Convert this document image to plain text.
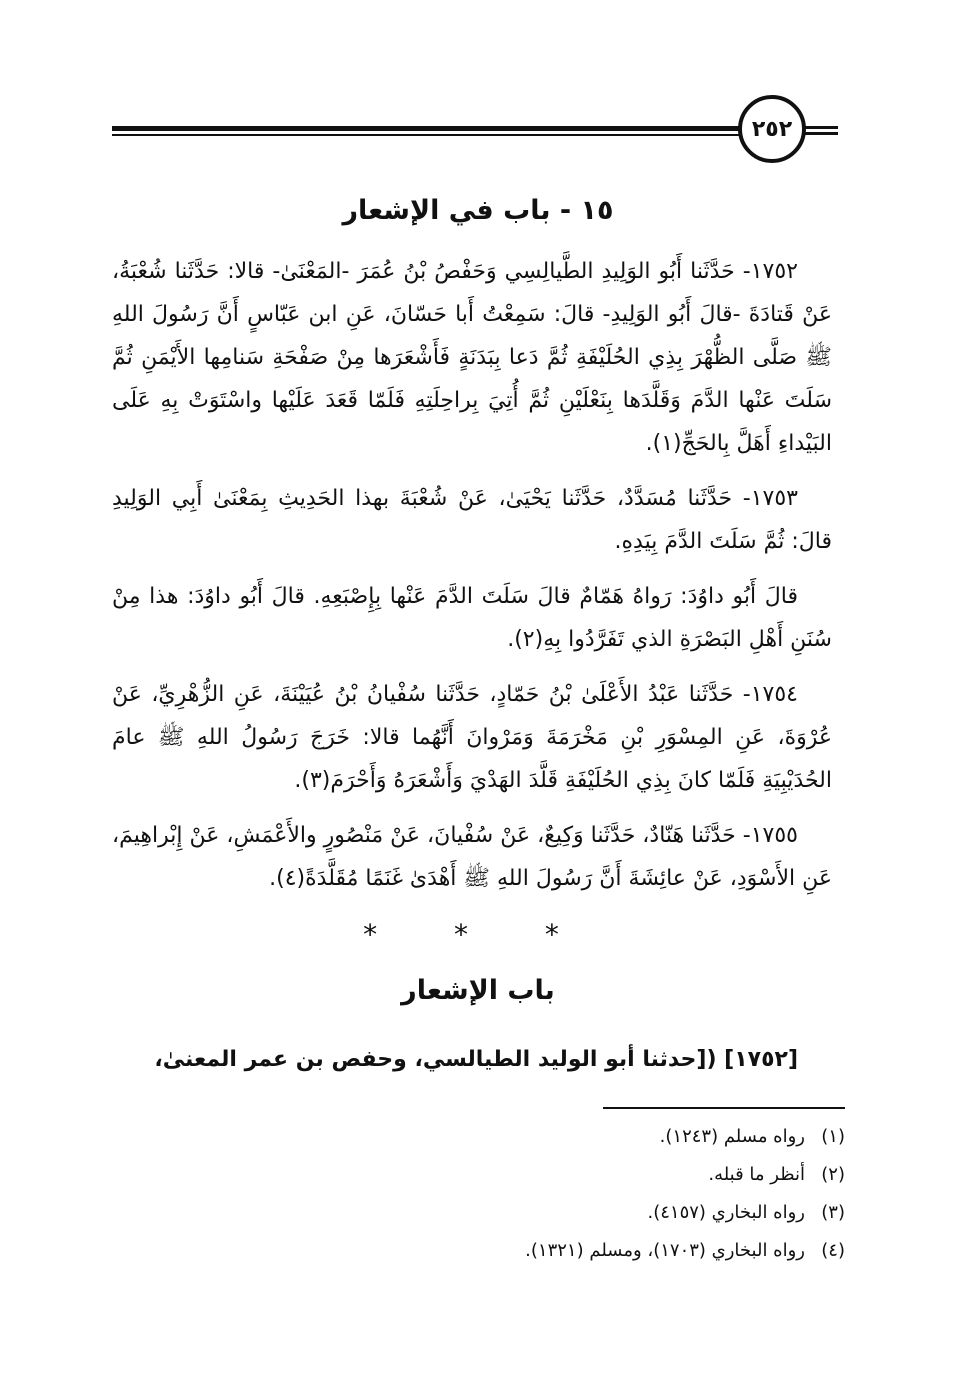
٢٥٢
١٥ - باب في الإشعار

١٧٥٢- حَدَّثَنا أَبُو الوَلِيدِ الطَّيالِسِي وَحَفْصُ بْنُ عُمَرَ -المَعْنَىٰ- قالا: حَدَّثَنا شُعْبَةُ، عَنْ قَتادَةَ -قالَ أَبُو الوَلِيدِ- قالَ: سَمِعْتُ أَبا حَسّانَ، عَنِ ابن عَبّاسٍ أَنَّ رَسُولَ اللهِ ﷺ صَلَّى الظُّهْرَ بِذِي الحُلَيْفَةِ ثُمَّ دَعا بِبَدَنَةٍ فَأَشْعَرَها مِنْ صَفْحَةِ سَنامِها الأَيْمَنِ ثُمَّ سَلَتَ عَنْها الدَّمَ وَقَلَّدَها بِنَعْلَيْنِ ثُمَّ أُتِيَ بِراحِلَتِهِ فَلَمّا قَعَدَ عَلَيْها واسْتَوَتْ بِهِ عَلَى البَيْداءِ أَهَلَّ بِالحَجِّ(١).

١٧٥٣- حَدَّثَنا مُسَدَّدٌ، حَدَّثَنا يَحْيَىٰ، عَنْ شُعْبَةَ بهذا الحَدِيثِ بِمَعْنَىٰ أَبِي الوَلِيدِ قالَ: ثُمَّ سَلَتَ الدَّمَ بِيَدِهِ.

قالَ أَبُو داوُدَ: رَواهُ هَمّامٌ قالَ سَلَتَ الدَّمَ عَنْها بِإِصْبَعِهِ. قالَ أَبُو داوُدَ: هذا مِنْ سُنَنِ أَهْلِ البَصْرَةِ الذي تَفَرَّدُوا بِهِ(٢).

١٧٥٤- حَدَّثَنا عَبْدُ الأَعْلَىٰ بْنُ حَمّادٍ، حَدَّثَنا سُفْيانُ بْنُ عُيَيْنَةَ، عَنِ الزُّهْرِيِّ، عَنْ عُرْوَةَ، عَنِ المِسْوَرِ بْنِ مَخْرَمَةَ وَمَرْوانَ أَنَّهُما قالا: خَرَجَ رَسُولُ اللهِ ﷺ عامَ الحُدَيْبِيَةِ فَلَمّا كانَ بِذِي الحُلَيْفَةِ قَلَّدَ الهَدْيَ وَأَشْعَرَهُ وَأَحْرَمَ(٣).

١٧٥٥- حَدَّثَنا هَنّادٌ، حَدَّثَنا وَكِيعٌ، عَنْ سُفْيانَ، عَنْ مَنْصُورٍ والأَعْمَشِ، عَنْ إِبْراهِيمَ، عَنِ الأَسْوَدِ، عَنْ عائِشَةَ أَنَّ رَسُولَ اللهِ ﷺ أَهْدَىٰ غَنَمًا مُقَلَّدَةً(٤).

* * *
باب الإشعار
[١٧٥٢] ([حدثنا أبو الوليد الطيالسي، وحفص بن عمر المعنىٰ،
(١)رواه مسلم (١٢٤٣).
(٢)أنظر ما قبله.
(٣)رواه البخاري (٤١٥٧).
(٤)رواه البخاري (١٧٠٣)، ومسلم (١٣٢١).
